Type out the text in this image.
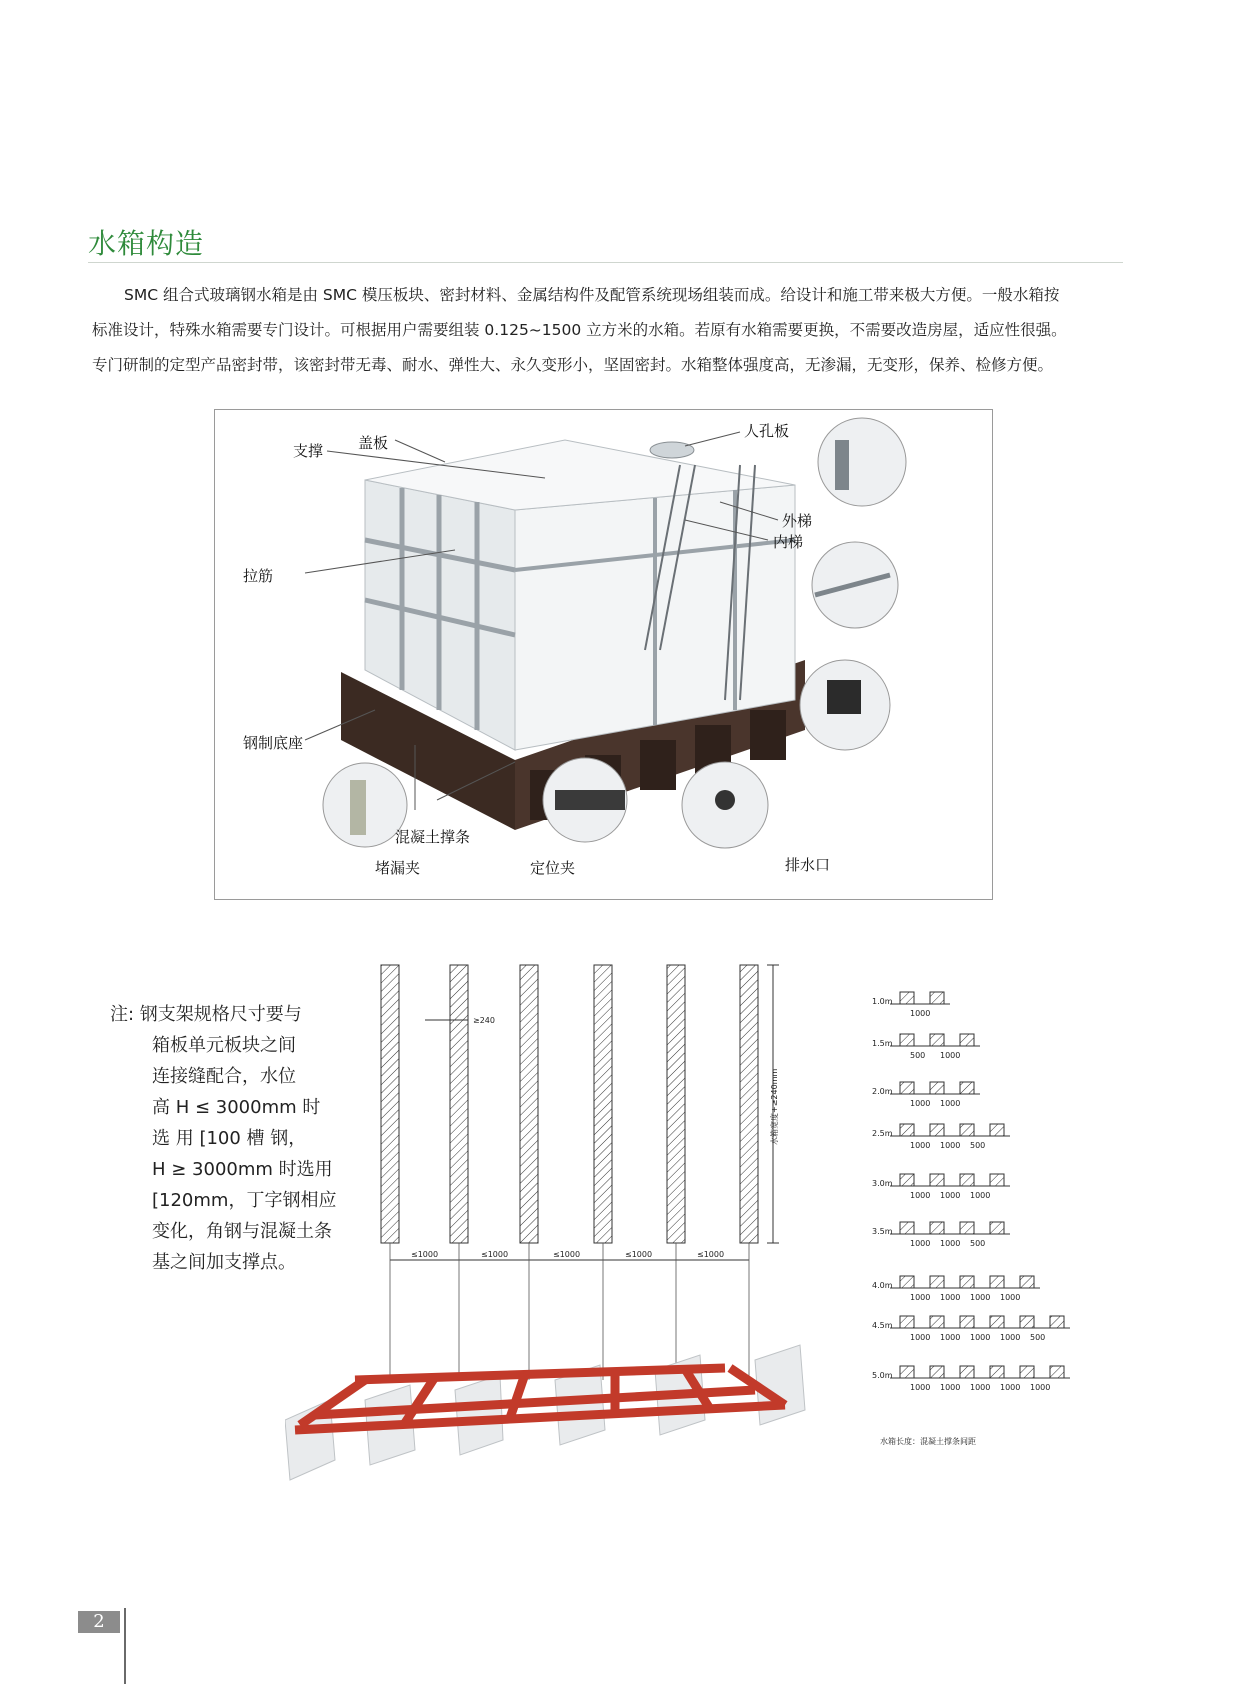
水箱构造

SMC 组合式玻璃钢水箱是由 SMC 模压板块、密封材料、金属结构件及配管系统现场组装而成。给设计和施工带来极大方便。一般水箱按

标准设计，特殊水箱需要专门设计。可根据用户需要组装 0.125~1500 立方米的水箱。若原有水箱需要更换，不需要改造房屋，适应性很强。

专门研制的定型产品密封带，该密封带无毒、耐水、弹性大、永久变形小，坚固密封。水箱整体强度高，无渗漏，无变形，保养、检修方便。

支撑 盖板
人孔板
外梯
内梯
拉筋
钢制底座
混凝土撑条
堵漏夹	定位夹	排水口
注: 钢支架规格尺寸要与
箱板单元板块之间
连接缝配合，水位
高 H ≤ 3000mm 时
选 用 [100 槽 钢，
H ≥ 3000mm 时选用
[120mm，丁字钢相应
变化，角钢与混凝土条
基之间加支撑点。
≥240
水箱宽度+≥240mm
≤1000	≤1000	≤1000	≤1000	≤1000
1.0m
1000
1.5m
500 1000
2.0m
1000 1000
2.5m
1000 1000 500
3.0m
1000 1000 1000
3.5m
1000 1000 500
4.0m
1000 1000 1000 1000
4.5m
1000 1000 1000 1000 500
5.0m
1000 1000 1000 1000 1000
水箱长度：混凝土撑条间距
2
